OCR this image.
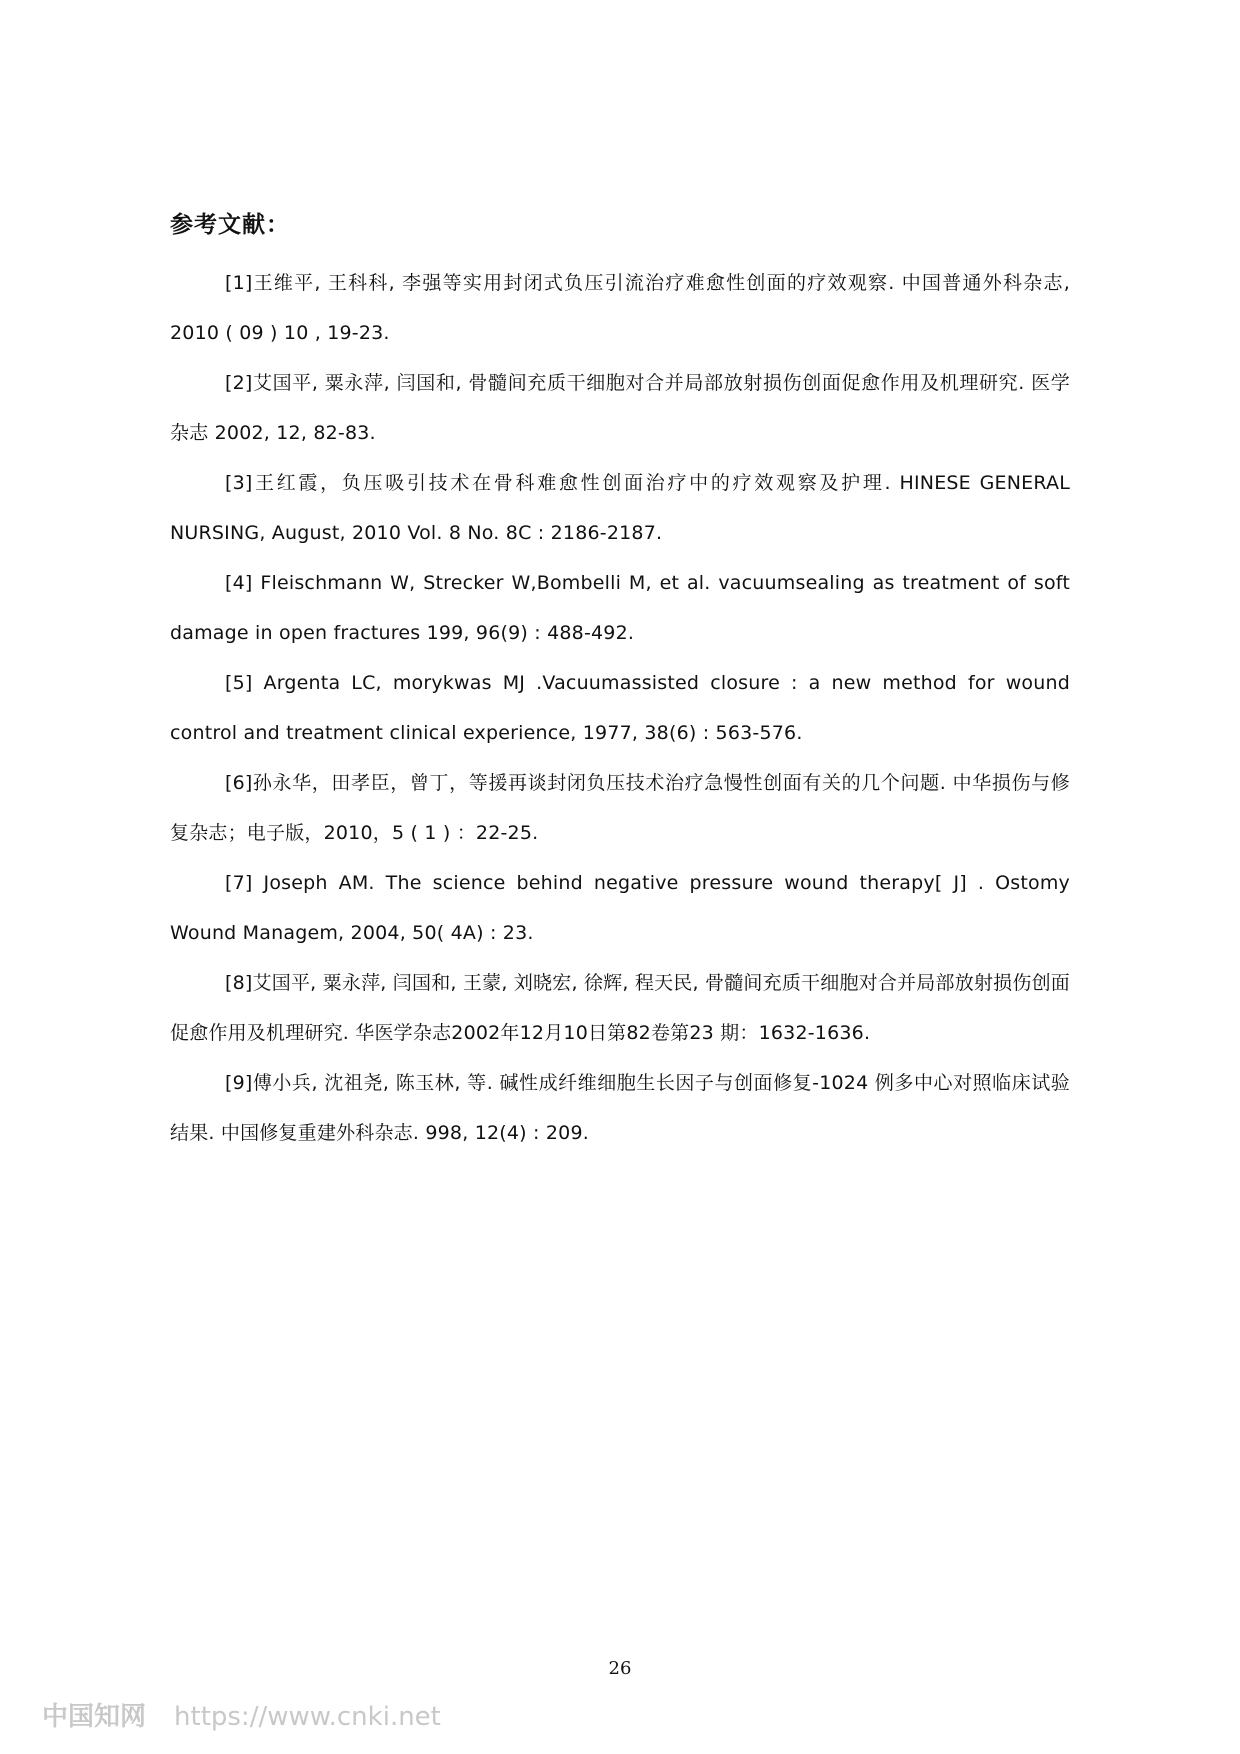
参考文献：

[1]王维平, 王科科, 李强等实用封闭式负压引流治疗难愈性创面的疗效观察. 中国普通外科杂志, 2010 ( 09 ) 10 , 19-23.

[2]艾国平, 粟永萍, 闫国和, 骨髓间充质干细胞对合并局部放射损伤创面促愈作用及机理研究. 医学杂志 2002, 12, 82-83.

[3]王红霞，负压吸引技术在骨科难愈性创面治疗中的疗效观察及护理. HINESE GENERAL NURSING, August, 2010 Vol. 8 No. 8C : 2186-2187.

[4] Fleischmann W, Strecker W,Bombelli M, et al. vacuumsealing as treatment of soft damage in open fractures 199, 96(9) : 488-492.

[5] Argenta LC, morykwas MJ .Vacuumassisted closure : a new method for wound control and treatment clinical experience, 1977, 38(6) : 563-576.

[6]孙永华，田孝臣，曾丁，等援再谈封闭负压技术治疗急慢性创面有关的几个问题. 中华损伤与修复杂志；电子版，2010，5 ( 1 ) ：22-25.

[7] Joseph AM. The science behind negative pressure wound therapy[ J] . Ostomy Wound Managem, 2004, 50( 4A) : 23.

[8]艾国平, 粟永萍, 闫国和, 王蒙, 刘晓宏, 徐辉, 程天民, 骨髓间充质干细胞对合并局部放射损伤创面促愈作用及机理研究. 华医学杂志2002年12月10日第82卷第23 期：1632-1636.

[9]傅小兵, 沈祖尧, 陈玉林, 等. 碱性成纤维细胞生长因子与创面修复-1024 例多中心对照临床试验结果. 中国修复重建外科杂志. 998, 12(4) : 209.

26
中国知网 https://www.cnki.net
